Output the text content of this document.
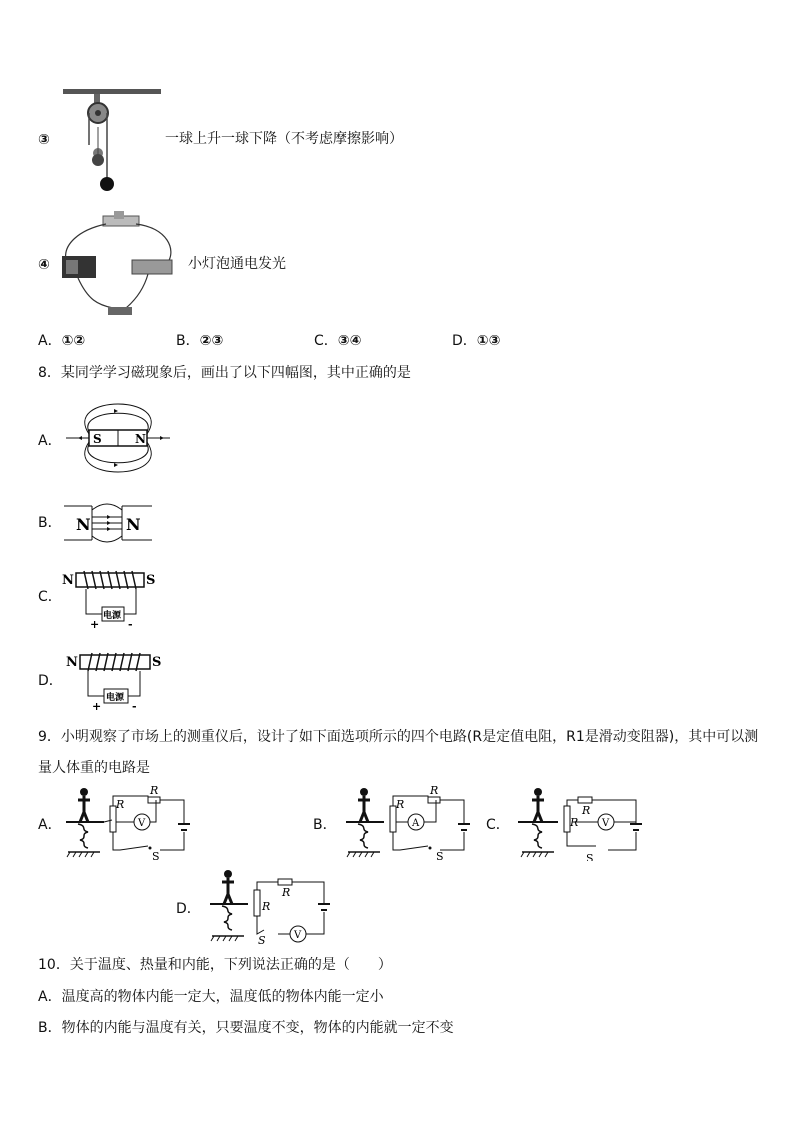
③	一球上升一球下降（不考虑摩擦影响）
④	小灯泡通电发光
A．①②	B．②③	C．③④	D．①③
8．某同学学习磁现象后，画出了以下四幅图，其中正确的是
A．	S	N
B． N N
C．
N	S
电源
+	-
D．
N	S
电源
+	-
9．小明观察了市场上的测重仪后，设计了如下面选项所示的四个电路(R是定值电阻，R1是滑动变阻器)，其中可以测
量人体重的电路是
A．
R
R
V
S
B．
R
R
A
S
C．	R
R
V
S
D．	R
R
V
S
10．关于温度、热量和内能，下列说法正确的是（　　）
A．温度高的物体内能一定大，温度低的物体内能一定小
B．物体的内能与温度有关，只要温度不变，物体的内能就一定不变
